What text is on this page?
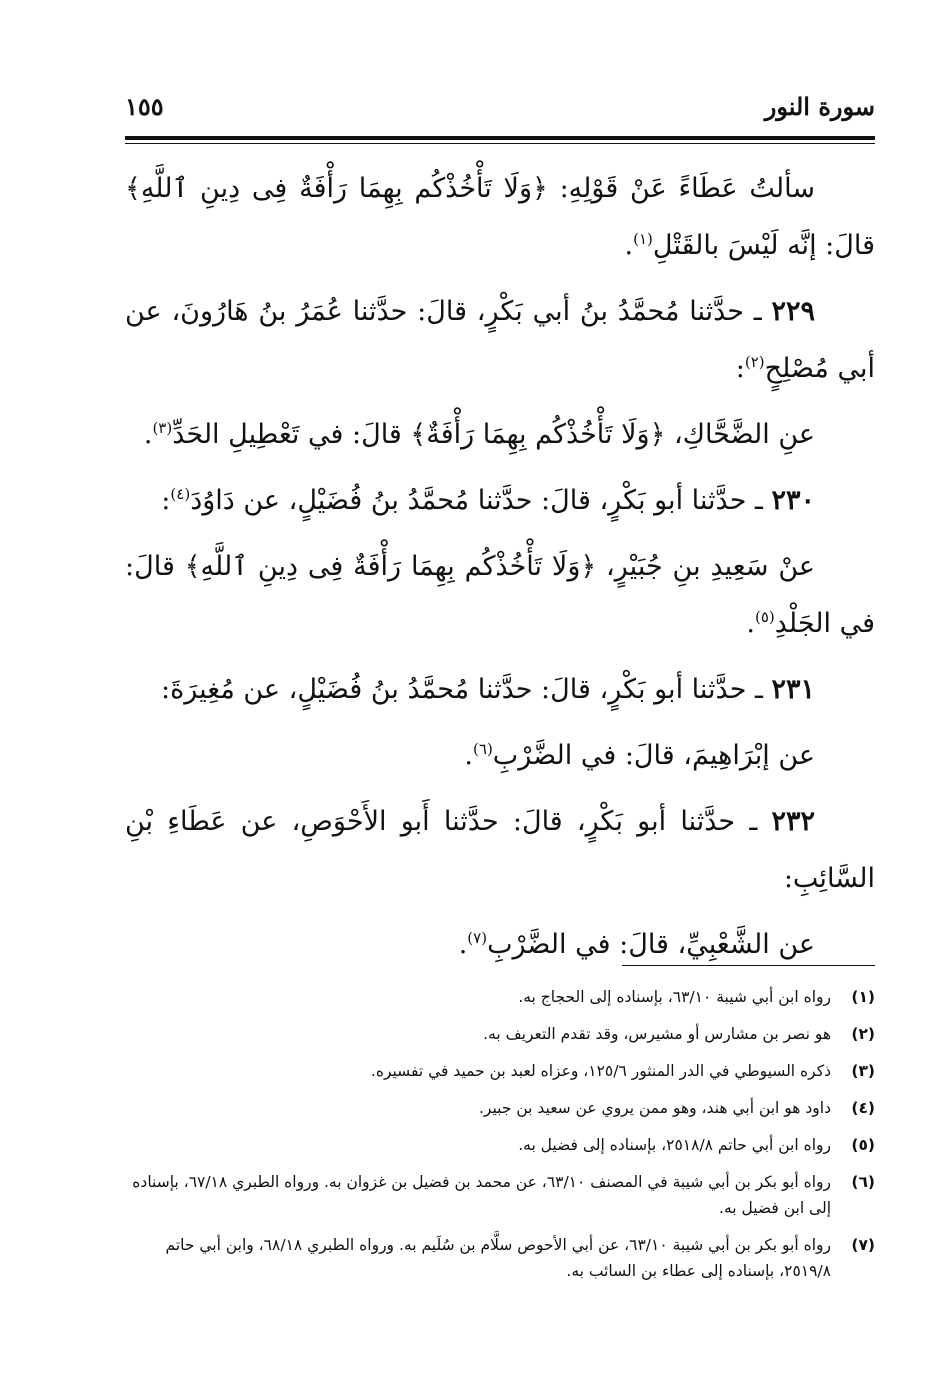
سورة النور
١٥٥

سألتُ عَطَاءً عَنْ قَوْلِهِ: ﴿وَلَا تَأْخُذْكُم بِهِمَا رَأْفَةٌ فِى دِينِ ٱللَّهِ﴾ قالَ: إنَّه لَيْسَ بالقَتْلِ$^{(١)}$.

٢٢٩ ـ حدَّثنا مُحمَّدُ بنُ أبي بَكْرٍ، قالَ: حدَّثنا عُمَرُ بنُ هَارُونَ، عن أبي مُصْلِحٍ$^{(٢)}$:

عنِ الضَّحَّاكِ، ﴿وَلَا تَأْخُذْكُم بِهِمَا رَأْفَةٌ﴾ قالَ: في تَعْطِيلِ الحَدِّ$^{(٣)}$.

٢٣٠ ـ حدَّثنا أبو بَكْرٍ، قالَ: حدَّثنا مُحمَّدُ بنُ فُضَيْلٍ، عن دَاوُدَ$^{(٤)}$:

عنْ سَعِيدِ بنِ جُبَيْرٍ، ﴿وَلَا تَأْخُذْكُم بِهِمَا رَأْفَةٌ فِى دِينِ ٱللَّهِ﴾ قالَ: في الجَلْدِ$^{(٥)}$.

٢٣١ ـ حدَّثنا أبو بَكْرٍ، قالَ: حدَّثنا مُحمَّدُ بنُ فُضَيْلٍ، عن مُغِيرَةَ:

عن إبْرَاهِيمَ، قالَ: في الضَّرْبِ$^{(٦)}$.

٢٣٢ ـ حدَّثنا أبو بَكْرٍ، قالَ: حدَّثنا أَبو الأَحْوَصِ، عن عَطَاءِ بْنِ السَّائِبِ:

عن الشَّعْبِيِّ، قالَ: في الضَّرْبِ$^{(٧)}$.

(١)
رواه ابن أبي شيبة ٦٣/١٠، بإسناده إلى الحجاج به.
(٢)
هو نصر بن مشارس أو مشيرس، وقد تقدم التعريف به.
(٣)
ذكره السيوطي في الدر المنثور ١٢٥/٦، وعزاه لعبد بن حميد في تفسيره.
(٤)
داود هو ابن أبي هند، وهو ممن يروي عن سعيد بن جبير.
(٥)
رواه ابن أبي حاتم ٢٥١٨/٨، بإسناده إلى فضيل به.
(٦)
رواه أبو بكر بن أبي شيبة في المصنف ٦٣/١٠، عن محمد بن فضيل بن غزوان به. ورواه الطبري ٦٧/١٨، بإسناده إلى ابن فضيل به.
(٧)
رواه أبو بكر بن أبي شيبة ٦٣/١٠، عن أبي الأحوص سلَّام بن سُلَيم به. ورواه الطبري ٦٨/١٨، وابن أبي حاتم ٢٥١٩/٨، بإسناده إلى عطاء بن السائب به.
